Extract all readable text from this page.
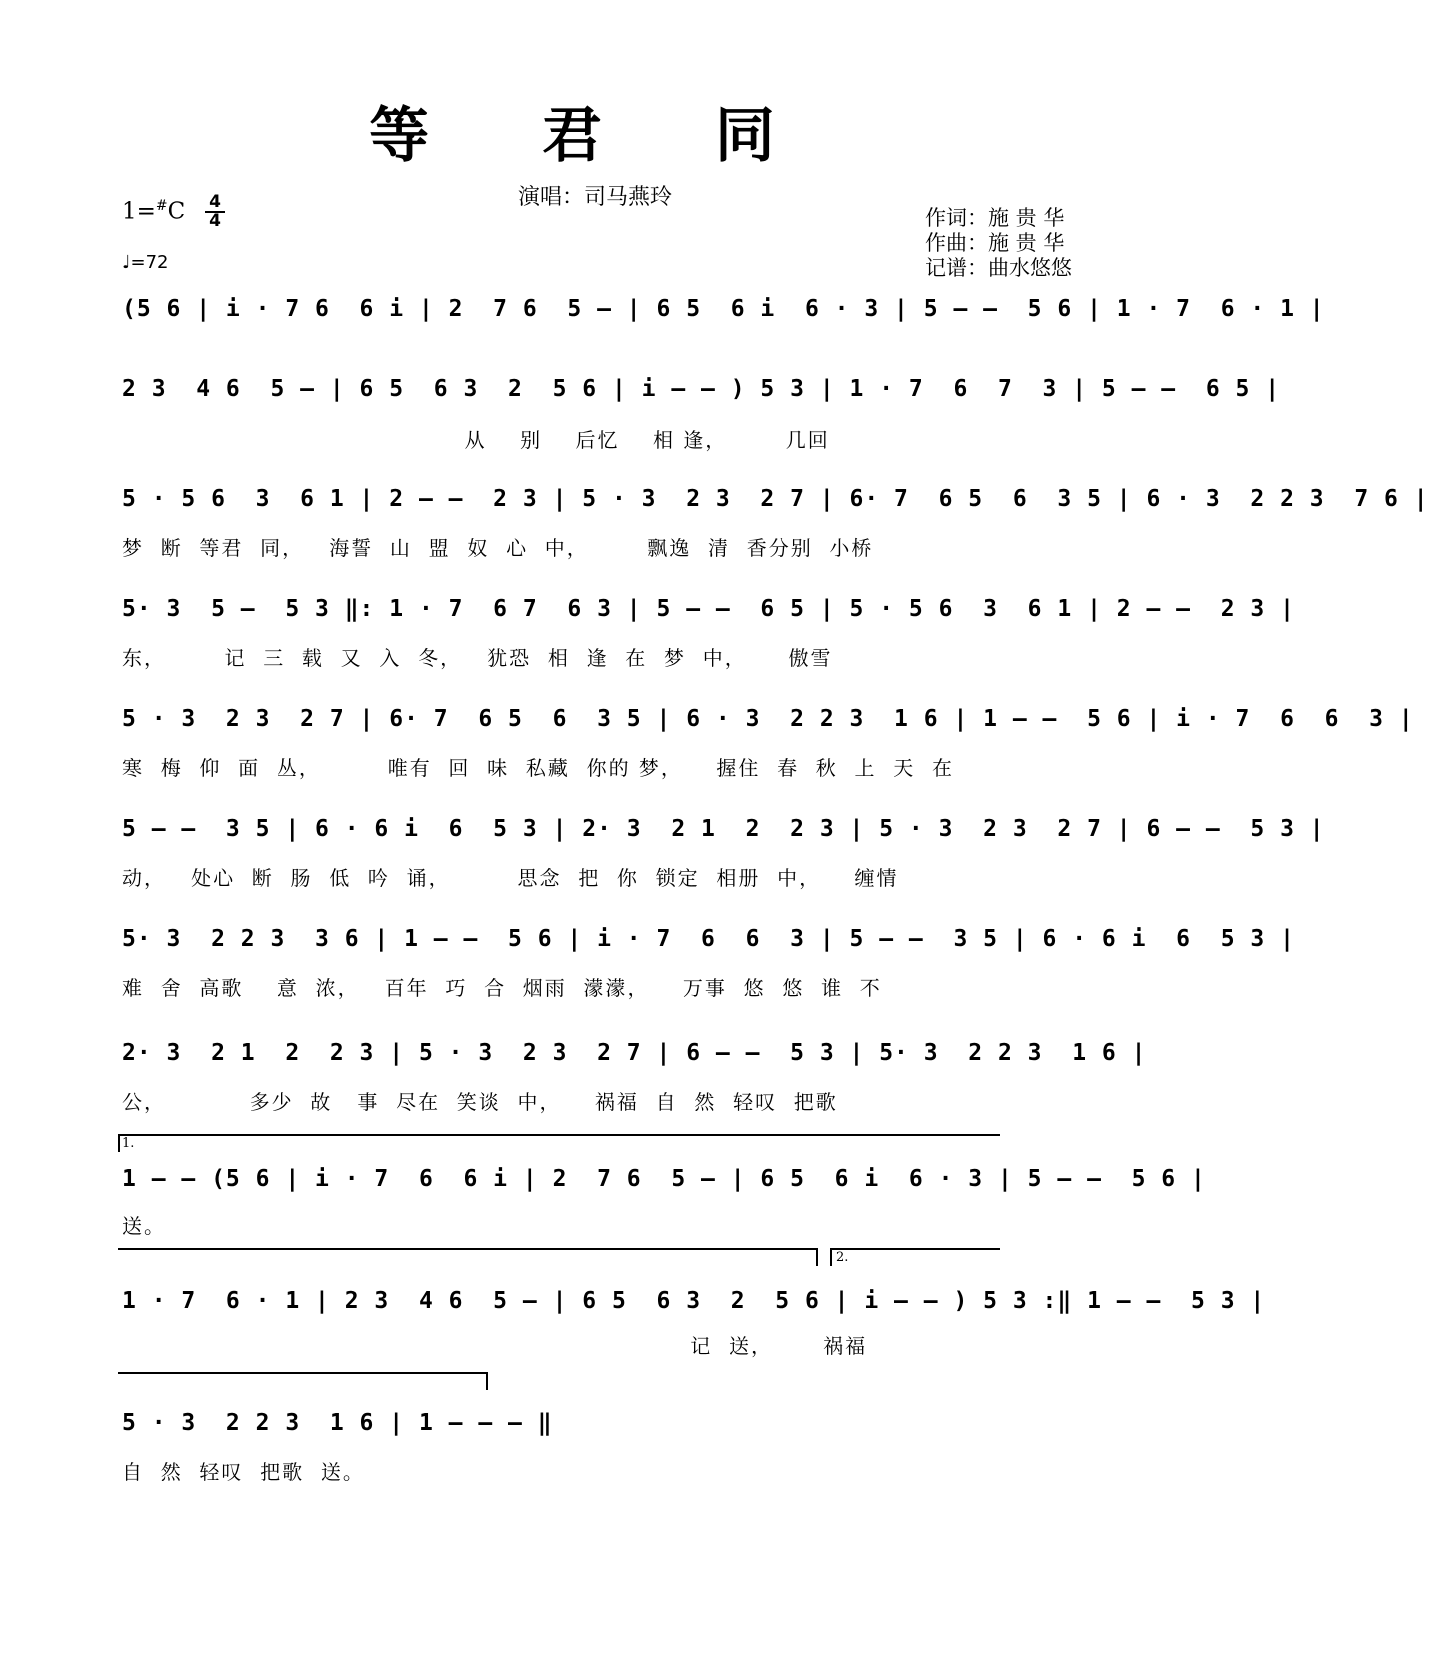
等 君 同
演唱：司马燕玲
1=#C 4
4
♩=72
作词：施 贵 华
作曲：施 贵 华
记谱：曲水悠悠
(5 6 | i · 7 6  6 i | 2  7 6  5 – | 6 5  6 i  6 · 3 | 5 – –  5 6 | 1 · 7  6 · 1 |
2 3  4 6  5 – | 6 5  6 3  2  5 6 | i – – ) 5 3 | 1 · 7  6  7  3 | 5 – –  6 5 |
从    别    后忆    相 逢，       几回
5 · 5 6  3  6 1 | 2 – –  2 3 | 5 · 3  2 3  2 7 | 6· 7  6 5  6  3 5 | 6 · 3  2 2 3  7 6 |
梦  断  等君  同，   海誓  山  盟  奴  心  中，       飘逸  清  香分别  小桥
5· 3  5 –  5 3 ‖: 1 · 7  6 7  6 3 | 5 – –  6 5 | 5 · 5 6  3  6 1 | 2 – –  2 3 |
东，       记  三  载  又  入  冬，   犹恐  相  逢  在  梦  中，     傲雪
5 · 3  2 3  2 7 | 6· 7  6 5  6  3 5 | 6 · 3  2 2 3  1 6 | 1 – –  5 6 | i · 7  6  6  3 |
寒  梅  仰  面  丛，        唯有  回  味  私藏  你的 梦，    握住  春  秋  上  天  在
5 – –  3 5 | 6 · 6 i  6  5 3 | 2· 3  2 1  2  2 3 | 5 · 3  2 3  2 7 | 6 – –  5 3 |
动，   处心  断  肠  低  吟  诵，        思念  把  你  锁定  相册  中，    缠情
5· 3  2 2 3  3 6 | 1 – –  5 6 | i · 7  6  6  3 | 5 – –  3 5 | 6 · 6 i  6  5 3 |
难  舍  高歌    意  浓，   百年  巧  合  烟雨  濛濛，    万事  悠  悠  谁  不
2· 3  2 1  2  2 3 | 5 · 3  2 3  2 7 | 6 – –  5 3 | 5· 3  2 2 3  1 6 |
公，          多少  故   事  尽在  笑谈  中，    祸福  自  然  轻叹  把歌
1.
1 – – (5 6 | i · 7  6  6 i | 2  7 6  5 – | 6 5  6 i  6 · 3 | 5 – –  5 6 |
送。
2.
1 · 7  6 · 1 | 2 3  4 6  5 – | 6 5  6 3  2  5 6 | i – – ) 5 3 :‖ 1 – –  5 3 |
记  送，      祸福
5 · 3  2 2 3  1 6 | 1 – – – ‖
自  然  轻叹  把歌  送。
